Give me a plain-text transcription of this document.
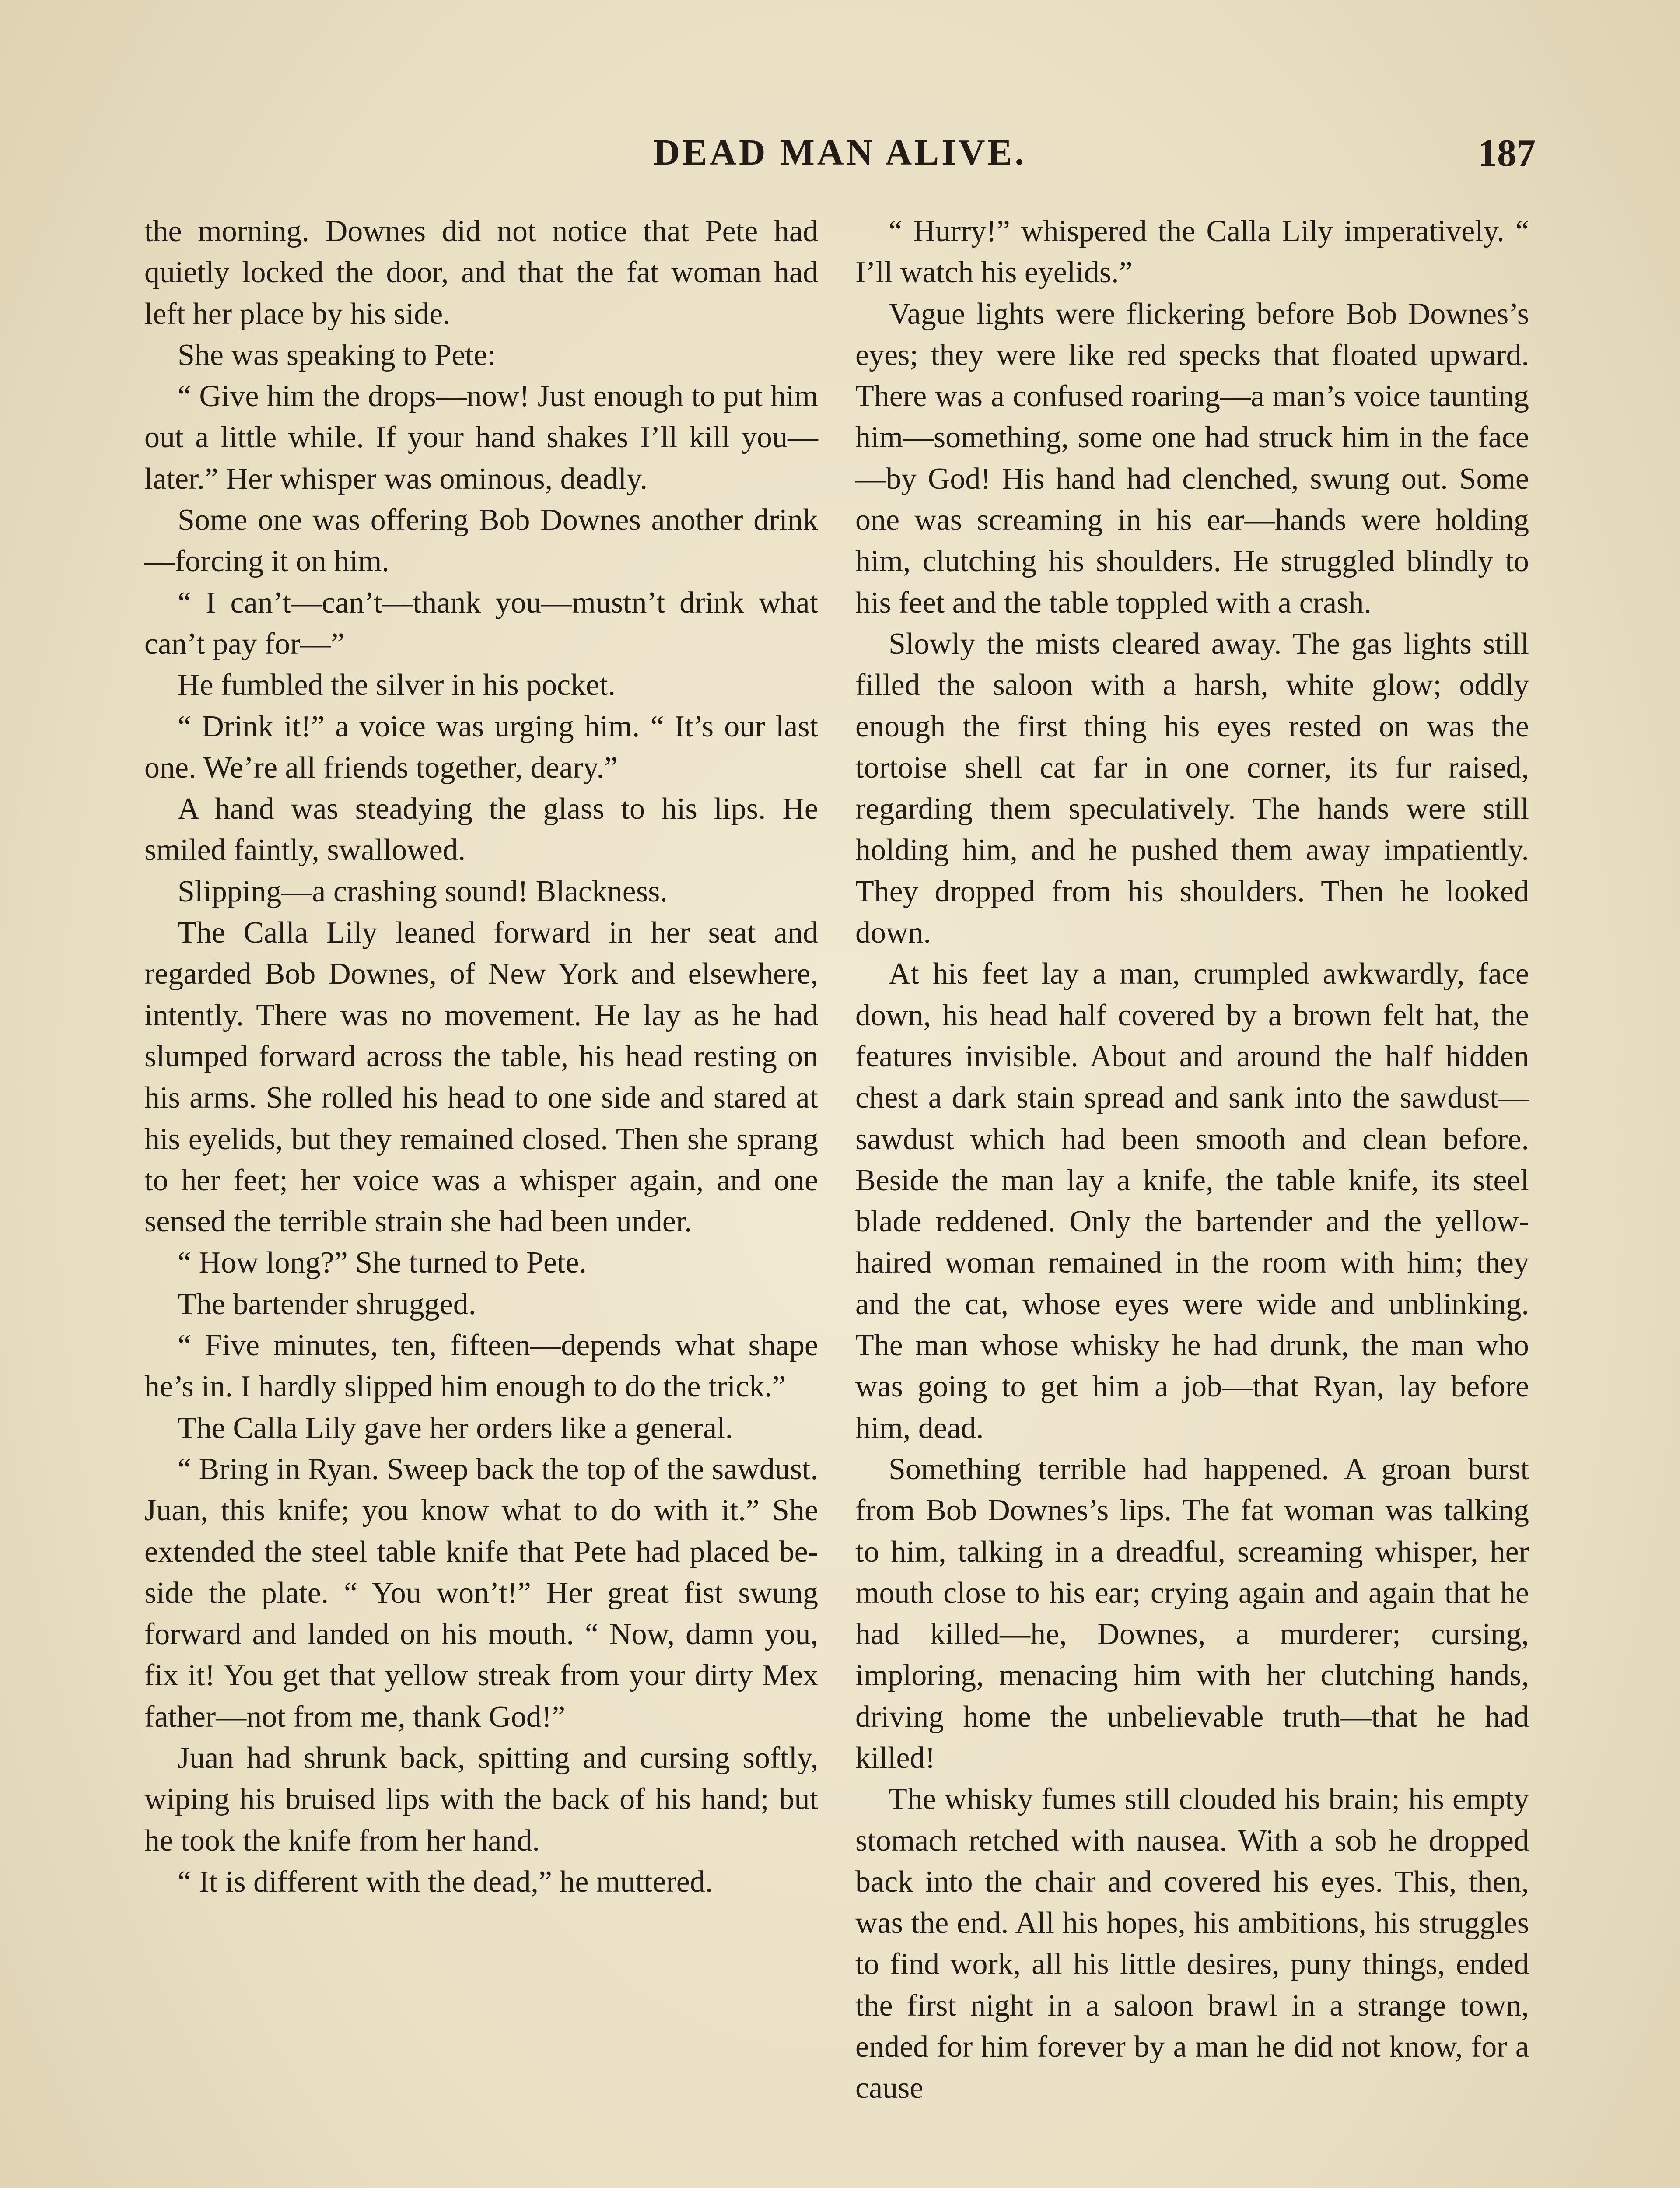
DEAD MAN ALIVE.	187

the morning. Downes did not notice that Pete had quietly locked the door, and that the fat woman had left her place by his side.

She was speaking to Pete:

“ Give him the drops—now! Just enough to put him out a little while. If your hand shakes I’ll kill you—later.” Her whisper was ominous, deadly.

Some one was offering Bob Downes another drink—forcing it on him.

“ I can’t—can’t—thank you—mustn’t drink what can’t pay for—”

He fumbled the silver in his pocket.

“ Drink it!” a voice was urging him. “ It’s our last one. We’re all friends together, deary.”

A hand was steadying the glass to his lips. He smiled faintly, swallowed.

Slipping—a crashing sound! Blackness.

The Calla Lily leaned forward in her seat and regarded Bob Downes, of New York and elsewhere, intently. There was no movement. He lay as he had slumped forward across the table, his head resting on his arms. She rolled his head to one side and stared at his eyelids, but they remained closed. Then she sprang to her feet; her voice was a whisper again, and one sensed the terrible strain she had been under.

“ How long?” She turned to Pete.

The bartender shrugged.

“ Five minutes, ten, fifteen—depends what shape he’s in. I hardly slipped him enough to do the trick.”

The Calla Lily gave her orders like a general.

“ Bring in Ryan. Sweep back the top of the sawdust. Juan, this knife; you know what to do with it.” She extended the steel table knife that Pete had placed beside the plate. “ You won’t!” Her great fist swung forward and landed on his mouth. “ Now, damn you, fix it! You get that yellow streak from your dirty Mex father—not from me, thank God!”

Juan had shrunk back, spitting and cursing softly, wiping his bruised lips with the back of his hand; but he took the knife from her hand.

“ It is different with the dead,” he muttered.

“ Hurry!” whispered the Calla Lily imperatively. “ I’ll watch his eyelids.”

Vague lights were flickering before Bob Downes’s eyes; they were like red specks that floated upward. There was a confused roaring—a man’s voice taunting him—something, some one had struck him in the face—by God! His hand had clenched, swung out. Some one was screaming in his ear—hands were holding him, clutching his shoulders. He struggled blindly to his feet and the table toppled with a crash.

Slowly the mists cleared away. The gas lights still filled the saloon with a harsh, white glow; oddly enough the first thing his eyes rested on was the tortoise shell cat far in one corner, its fur raised, regarding them speculatively. The hands were still holding him, and he pushed them away impatiently. They dropped from his shoulders. Then he looked down.

At his feet lay a man, crumpled awkwardly, face down, his head half covered by a brown felt hat, the features invisible. About and around the half hidden chest a dark stain spread and sank into the sawdust—sawdust which had been smooth and clean before. Beside the man lay a knife, the table knife, its steel blade reddened. Only the bartender and the yellow-haired woman remained in the room with him; they and the cat, whose eyes were wide and unblinking. The man whose whisky he had drunk, the man who was going to get him a job—that Ryan, lay before him, dead.

Something terrible had happened. A groan burst from Bob Downes’s lips. The fat woman was talking to him, talking in a dreadful, screaming whisper, her mouth close to his ear; crying again and again that he had killed—he, Downes, a murderer; cursing, imploring, menacing him with her clutching hands, driving home the unbelievable truth—that he had killed!

The whisky fumes still clouded his brain; his empty stomach retched with nausea. With a sob he dropped back into the chair and covered his eyes. This, then, was the end. All his hopes, his ambitions, his struggles to find work, all his little desires, puny things, ended the first night in a saloon brawl in a strange town, ended for him forever by a man he did not know, for a cause
